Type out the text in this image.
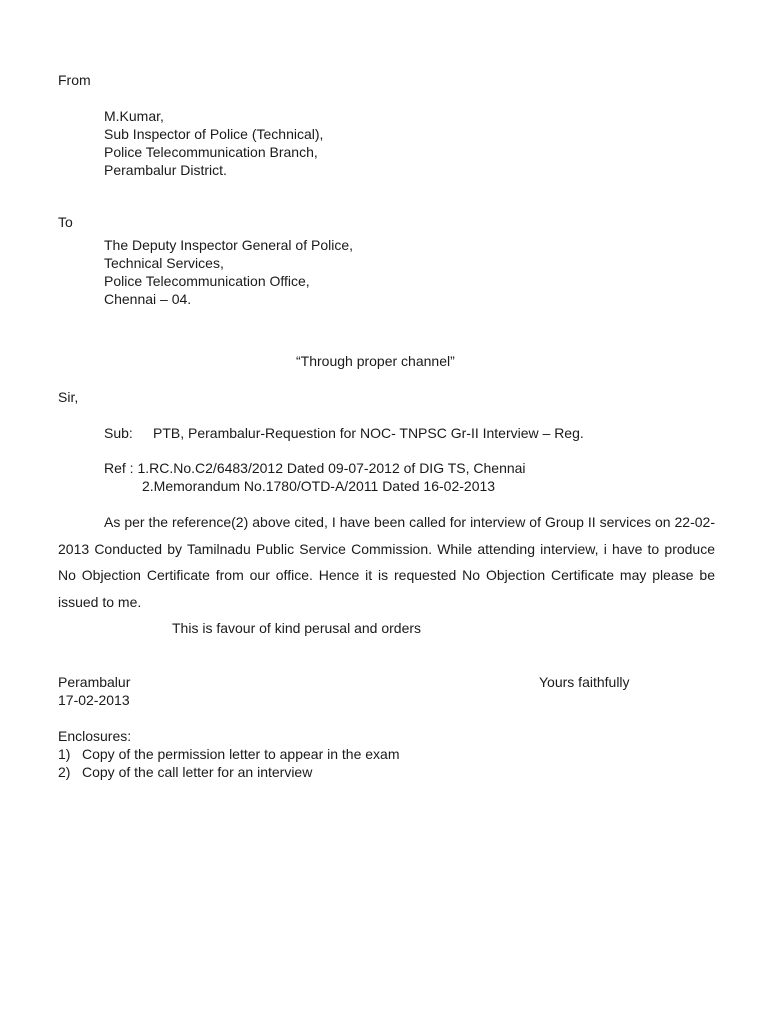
From
M.Kumar,
Sub Inspector of Police (Technical),
Police Telecommunication Branch,
Perambalur District.
To
The Deputy Inspector General of Police,
Technical Services,
Police Telecommunication Office,
Chennai – 04.
“Through proper channel”
Sir,
Sub: PTB, Perambalur-Requestion for NOC- TNPSC Gr-II Interview – Reg.
Ref : 1.RC.No.C2/6483/2012 Dated 09-07-2012 of DIG TS, Chennai
2.Memorandum No.1780/OTD-A/2011 Dated 16-02-2013
As per the reference(2) above cited, I have been called for interview of Group II services on 22-02-2013 Conducted by Tamilnadu Public Service Commission. While attending interview, i have to produce No Objection Certificate from our office. Hence it is requested No Objection Certificate may please be issued to me.
This is favour of kind perusal and orders
Perambalur	Yours faithfully
17-02-2013
Enclosures:
1) Copy of the permission letter to appear in the exam
2) Copy of the call letter for an interview
